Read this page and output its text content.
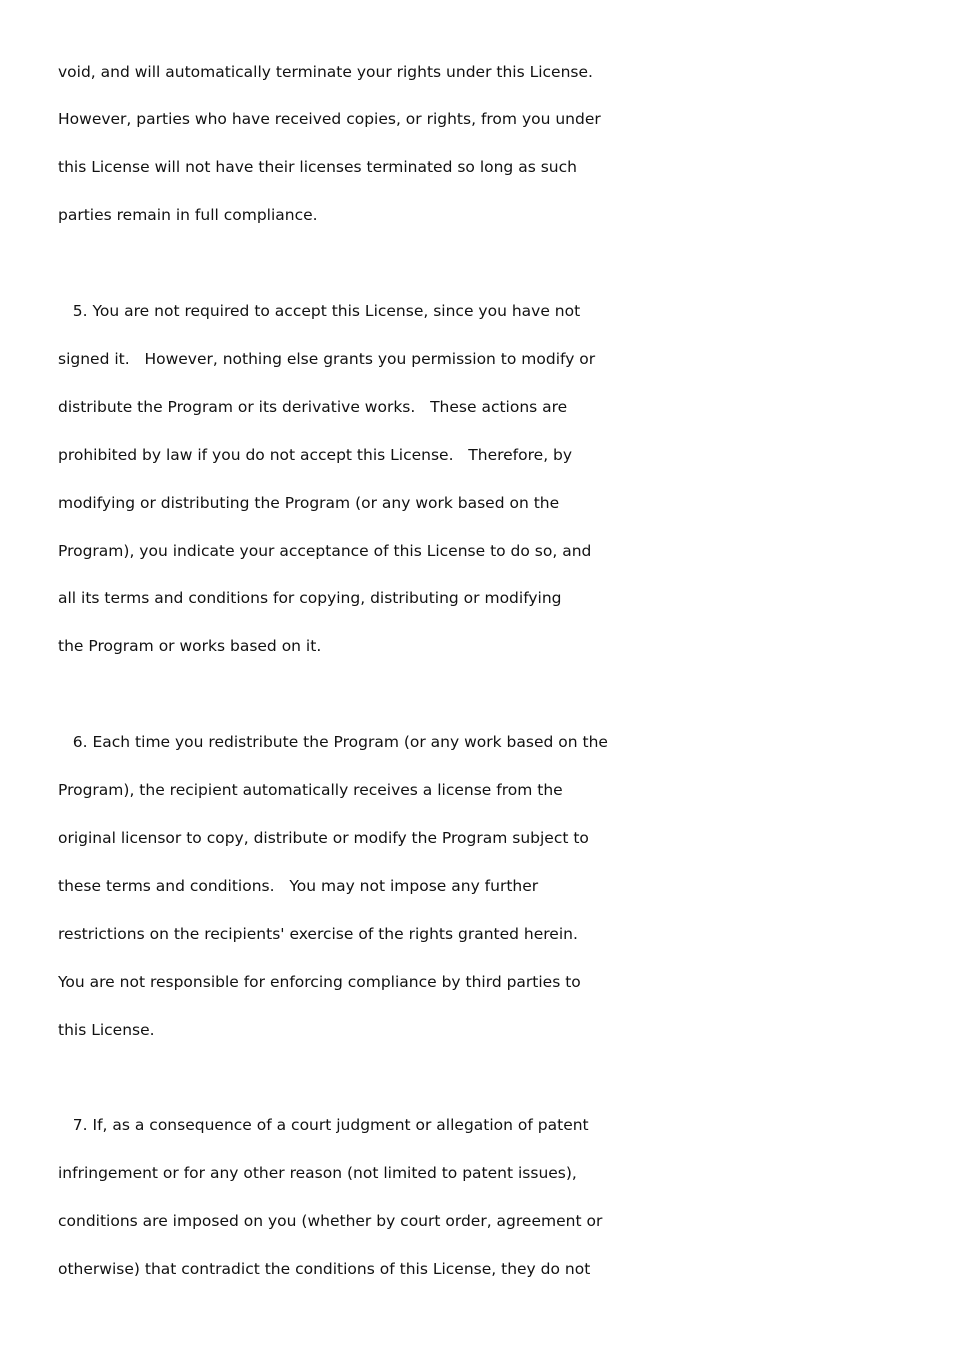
void, and will automatically terminate your rights under this License.
However, parties who have received copies, or rights, from you under
this License will not have their licenses terminated so long as such
parties remain in full compliance.
5. You are not required to accept this License, since you have not
signed it.   However, nothing else grants you permission to modify or
distribute the Program or its derivative works.   These actions are
prohibited by law if you do not accept this License.   Therefore, by
modifying or distributing the Program (or any work based on the
Program), you indicate your acceptance of this License to do so, and
all its terms and conditions for copying, distributing or modifying
the Program or works based on it.
6. Each time you redistribute the Program (or any work based on the
Program), the recipient automatically receives a license from the
original licensor to copy, distribute or modify the Program subject to
these terms and conditions.   You may not impose any further
restrictions on the recipients' exercise of the rights granted herein.
You are not responsible for enforcing compliance by third parties to
this License.
7. If, as a consequence of a court judgment or allegation of patent
infringement or for any other reason (not limited to patent issues),
conditions are imposed on you (whether by court order, agreement or
otherwise) that contradict the conditions of this License, they do not
